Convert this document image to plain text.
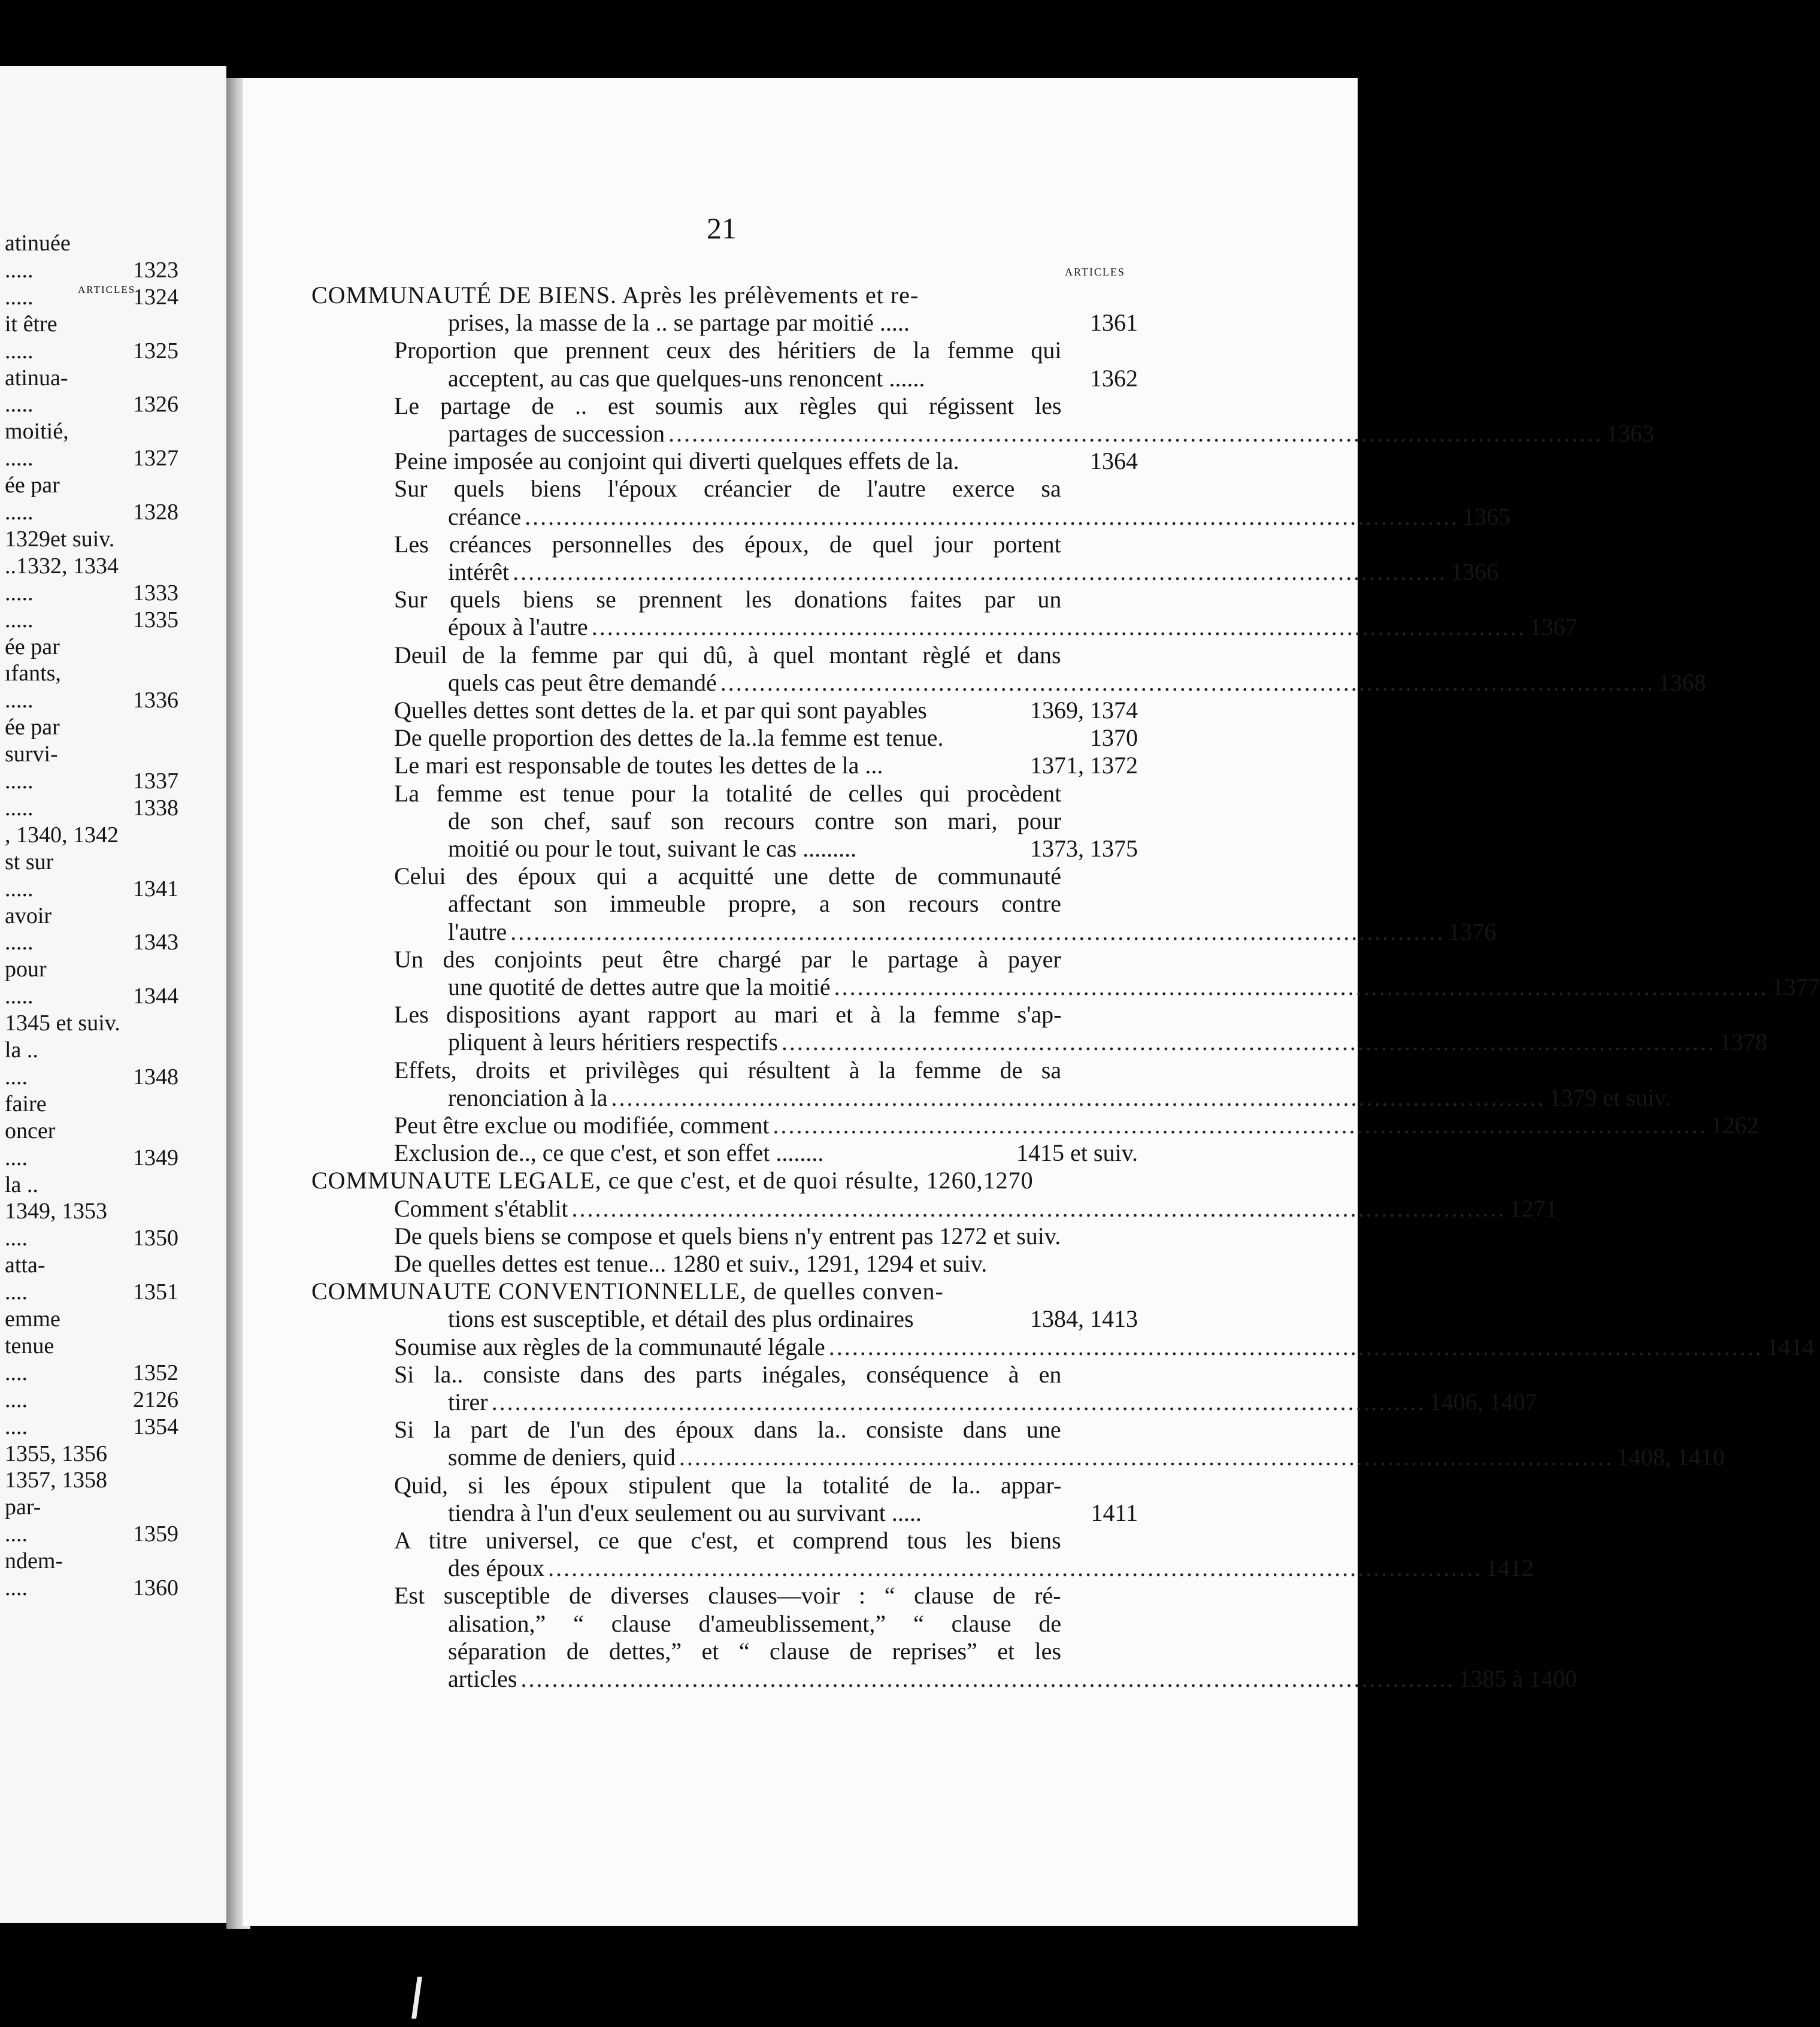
ARTICLES
atinuée
.....	1323
.....	1324
it être
.....	1325
atinua-
.....	1326
moitié,
.....	1327
ée par
.....	1328
1329et suiv.
..1332, 1334
.....	1333
.....	1335
ée par
ıfants,
.....	1336
ée par
survi-
.....	1337
.....	1338
, 1340, 1342
st sur
.....	1341
avoir
.....	1343
pour
.....	1344
1345 et suiv.
la ..
....	1348
faire
oncer
....	1349
la ..
1349, 1353
....	1350
atta-
....	1351
emme
tenue
....	1352
....	2126
....	1354
1355, 1356
1357, 1358
par-
....	1359
ndem-
....	1360
21
ARTICLES
COMMUNAUTÉ DE BIENS. Après les prélèvements et re-
prises, la masse de la .. se partage par moitié .....	1361
Proportion que prennent ceux des héritiers de la femme qui
acceptent, au cas que quelques-uns renoncent ......	1362
Le partage de .. est soumis aux règles qui régissent les
partages de succession ........................................................................................................................ 1363
Peine imposée au conjoint qui diverti quelques effets de la.	1364
Sur quels biens l'époux créancier de l'autre exerce sa
créance ........................................................................................................................ 1365
Les créances personnelles des époux, de quel jour portent
intérêt ........................................................................................................................ 1366
Sur quels biens se prennent les donations faites par un
époux à l'autre ........................................................................................................................ 1367
Deuil de la femme par qui dû, à quel montant règlé et dans
quels cas peut être demandé ........................................................................................................................ 1368
Quelles dettes sont dettes de la. et par qui sont payables	1369, 1374
De quelle proportion des dettes de la..la femme est tenue.	1370
Le mari est responsable de toutes les dettes de la ...	1371, 1372
La femme est tenue pour la totalité de celles qui procèdent
de son chef, sauf son recours contre son mari, pour
moitié ou pour le tout, suivant le cas .........	1373, 1375
Celui des époux qui a acquitté une dette de communauté
affectant son immeuble propre, a son recours contre
l'autre ........................................................................................................................ 1376
Un des conjoints peut être chargé par le partage à payer
une quotité de dettes autre que la moitié ........................................................................................................................ 1377
Les dispositions ayant rapport au mari et à la femme s'ap-
pliquent à leurs héritiers respectifs ........................................................................................................................ 1378
Effets, droits et privilèges qui résultent à la femme de sa
renonciation à la ........................................................................................................................ 1379 et suiv.
Peut être exclue ou modifiée, comment ........................................................................................................................ 1262
Exclusion de.., ce que c'est, et son effet ........	1415 et suiv.
COMMUNAUTE LEGALE, ce que c'est, et de quoi résulte, 1260,1270
Comment s'établit ........................................................................................................................ 1271
De quels biens se compose et quels biens n'y entrent pas 1272 et suiv.
De quelles dettes est tenue... 1280 et suiv., 1291, 1294 et suiv.
COMMUNAUTE CONVENTIONNELLE, de quelles conven-
tions est susceptible, et détail des plus ordinaires	1384, 1413
Soumise aux règles de la communauté légale ........................................................................................................................ 1414
Si la.. consiste dans des parts inégales, conséquence à en
tirer ........................................................................................................................ 1406, 1407
Si la part de l'un des époux dans la.. consiste dans une
somme de deniers, quid ........................................................................................................................ 1408, 1410
Quid, si les époux stipulent que la totalité de la.. appar-
tiendra à l'un d'eux seulement ou au survivant .....	1411
A titre universel, ce que c'est, et comprend tous les biens
des époux ........................................................................................................................ 1412
Est susceptible de diverses clauses—voir : “ clause de ré-
alisation,” “ clause d'ameublissement,” “ clause de
séparation de dettes,” et “ clause de reprises” et les
articles ........................................................................................................................ 1385 à 1400
